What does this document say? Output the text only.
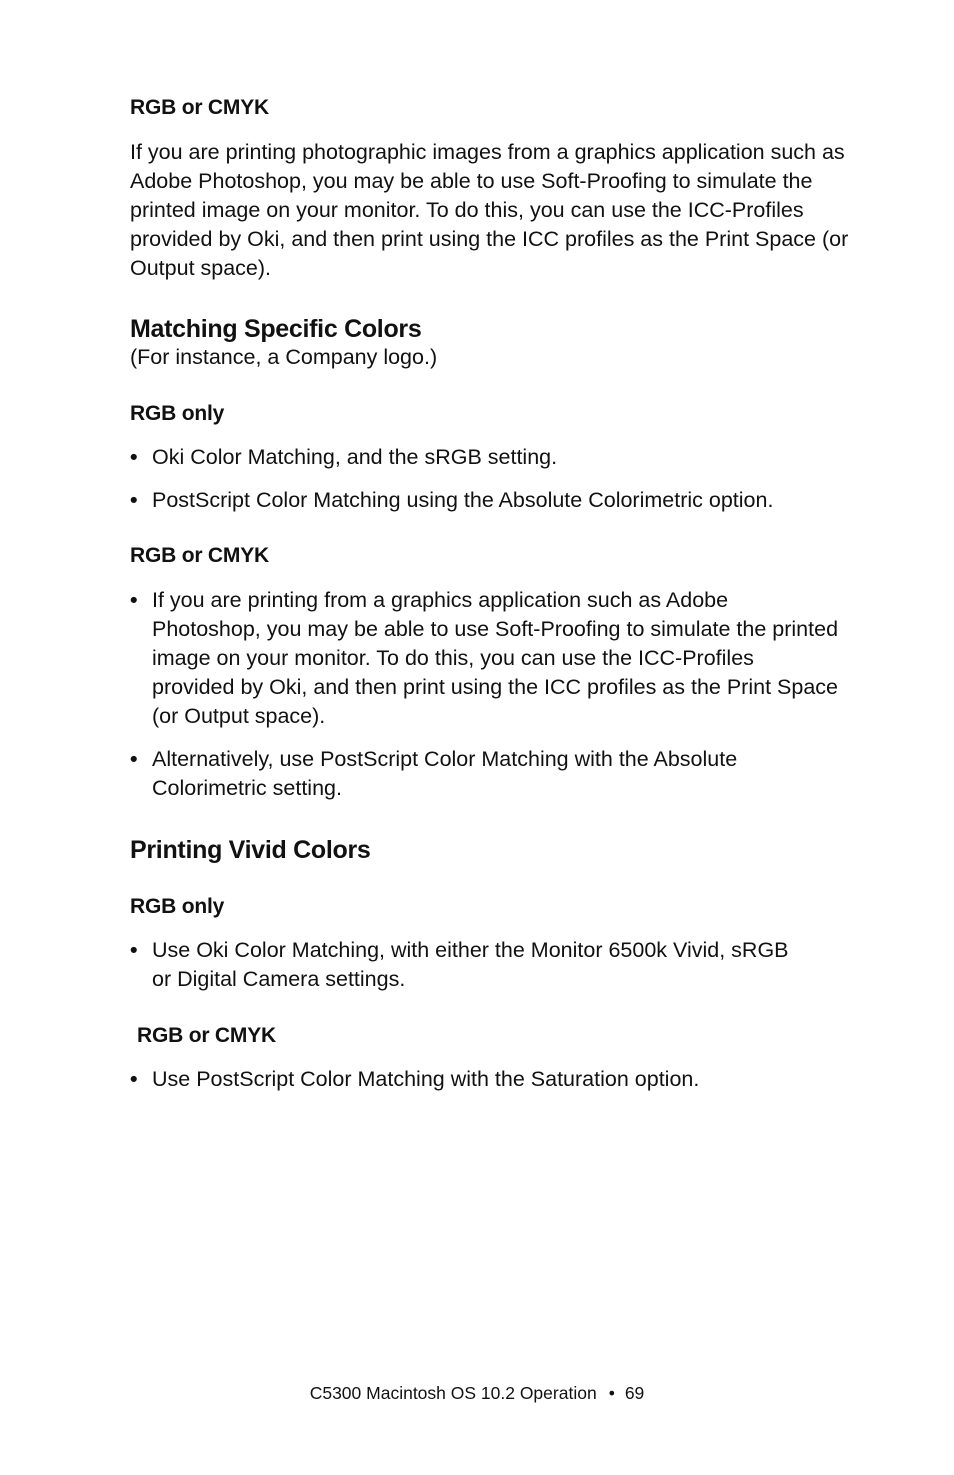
RGB or CMYK

If you are printing photographic images from a graphics application such as Adobe Photoshop, you may be able to use Soft-Proofing to simulate the printed image on your monitor. To do this, you can use the ICC-Profiles provided by Oki, and then print using the ICC profiles as the Print Space (or Output space).

Matching Specific Colors

(For instance, a Company logo.)

RGB only
• Oki Color Matching, and the sRGB setting.
• PostScript Color Matching using the Absolute Colorimetric option.
RGB or CMYK
• If you are printing from a graphics application such as Adobe Photoshop, you may be able to use Soft-Proofing to simulate the printed image on your monitor. To do this, you can use the ICC-Profiles provided by Oki, and then print using the ICC profiles as the Print Space (or Output space).
• Alternatively, use PostScript Color Matching with the Absolute Colorimetric setting.
Printing Vivid Colors
RGB only
• Use Oki Color Matching, with either the Monitor 6500k Vivid, sRGB or Digital Camera settings.
RGB or CMYK
• Use PostScript Color Matching with the Saturation option.
C5300 Macintosh OS 10.2 Operation • 69
